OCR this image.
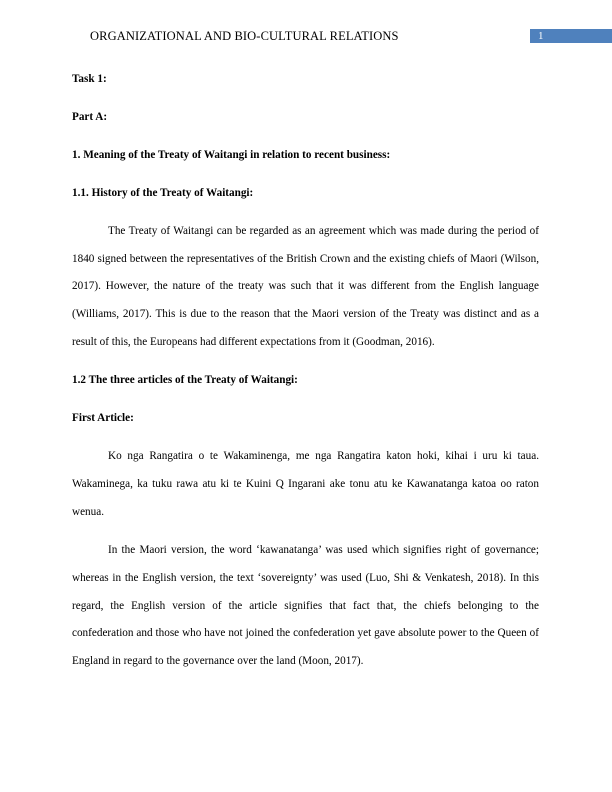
ORGANIZATIONAL AND BIO-CULTURAL RELATIONS	1

Task 1:

Part A:

1. Meaning of the Treaty of Waitangi in relation to recent business:

1.1. History of the Treaty of Waitangi:

The Treaty of Waitangi can be regarded as an agreement which was made during the period of 1840 signed between the representatives of the British Crown and the existing chiefs of Maori (Wilson, 2017). However, the nature of the treaty was such that it was different from the English language (Williams, 2017). This is due to the reason that the Maori version of the Treaty was distinct and as a result of this, the Europeans had different expectations from it (Goodman, 2016).

1.2 The three articles of the Treaty of Waitangi:

First Article:

Ko nga Rangatira o te Wakaminenga, me nga Rangatira katon hoki, kihai i uru ki taua. Wakaminega, ka tuku rawa atu ki te Kuini Q Ingarani ake tonu atu ke Kawanatanga katoa oo raton wenua.

In the Maori version, the word ‘kawanatanga’ was used which signifies right of governance; whereas in the English version, the text ‘sovereignty’ was used (Luo, Shi & Venkatesh, 2018). In this regard, the English version of the article signifies that fact that, the chiefs belonging to the confederation and those who have not joined the confederation yet gave absolute power to the Queen of England in regard to the governance over the land (Moon, 2017).
